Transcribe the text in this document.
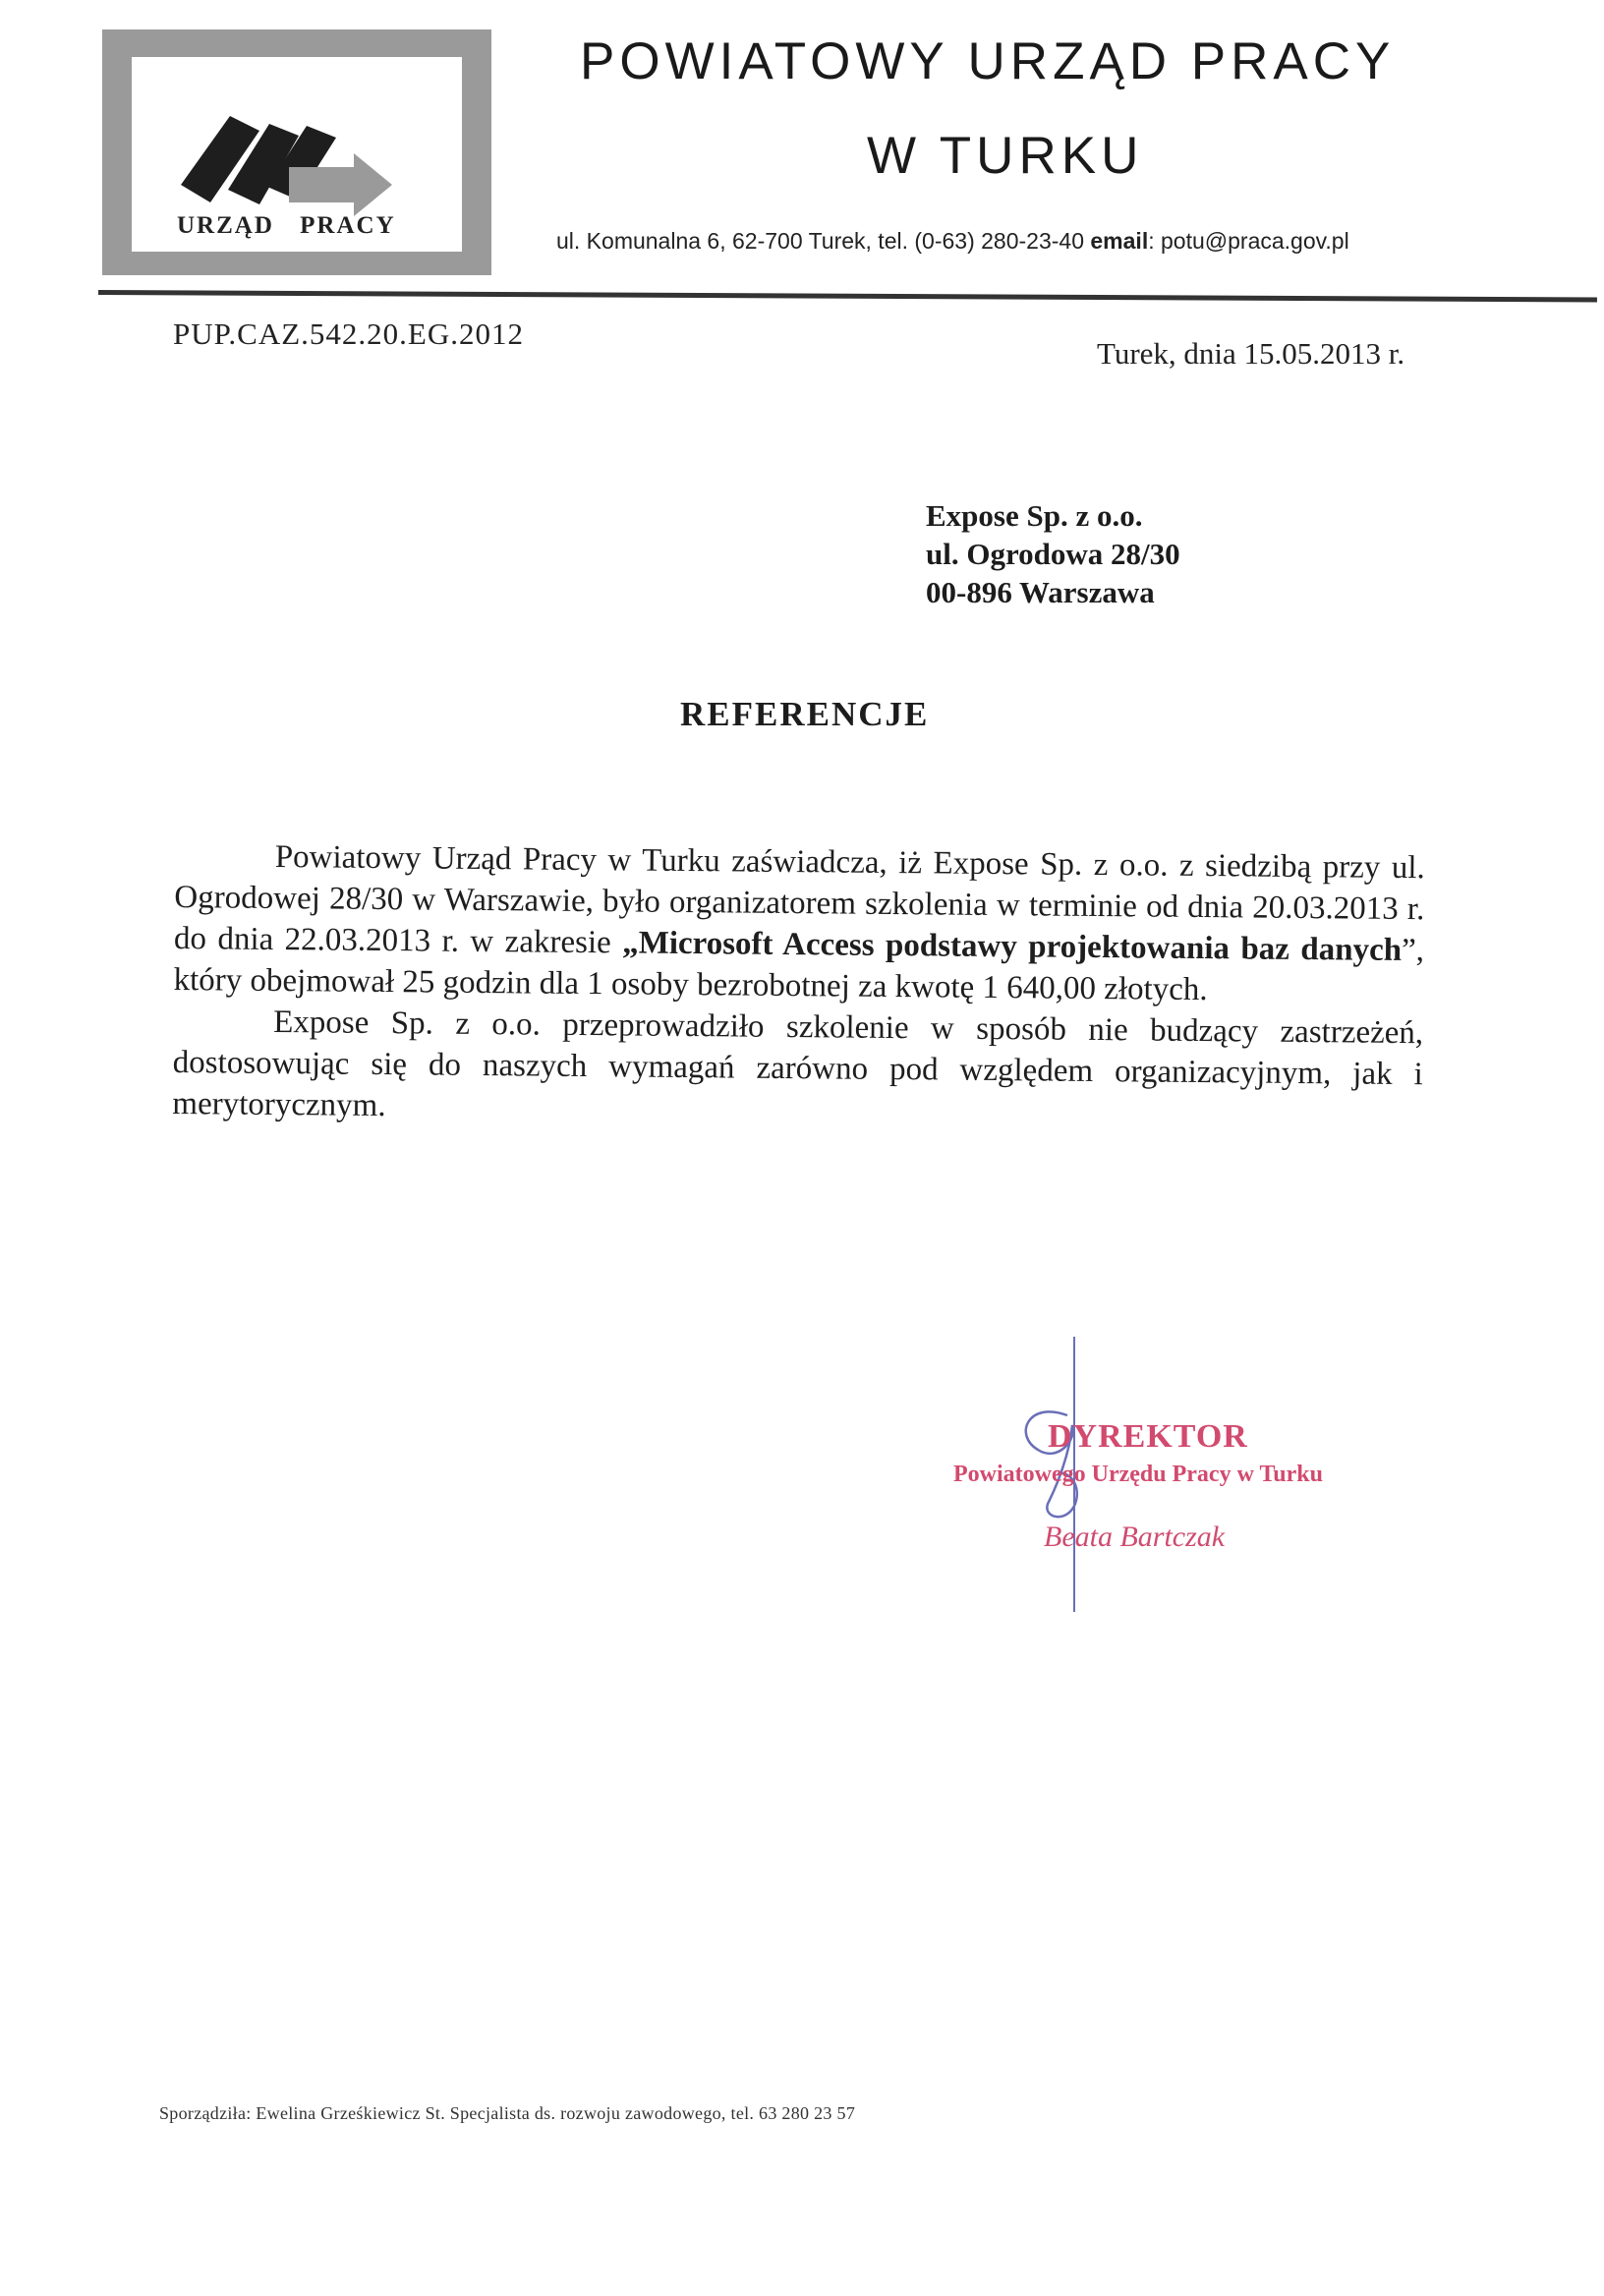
URZĄD PRACY
POWIATOWY URZĄD PRACY
W TURKU
ul. Komunalna 6, 62-700 Turek, tel. (0-63) 280-23-40 email: potu@praca.gov.pl
PUP.CAZ.542.20.EG.2012
Turek, dnia 15.05.2013 r.
Expose Sp. z o.o.
ul. Ogrodowa 28/30
00-896 Warszawa
REFERENCJE

Powiatowy Urząd Pracy w Turku zaświadcza, iż Expose Sp. z o.o. z siedzibą przy ul. Ogrodowej 28/30 w Warszawie, było organizatorem szkolenia w terminie od dnia 20.03.2013 r. do dnia 22.03.2013 r. w zakresie „Microsoft Access podstawy projektowania baz danych”, który obejmował 25 godzin dla 1 osoby bezrobotnej za kwotę 1 640,00 złotych.

Expose Sp. z o.o. przeprowadziło szkolenie w sposób nie budzący zastrzeżeń, dostosowując się do naszych wymagań zarówno pod względem organizacyjnym, jak i merytorycznym.

DYREKTOR
Powiatowego Urzędu Pracy w Turku
Beata Bartczak
Sporządziła: Ewelina Grześkiewicz St. Specjalista ds. rozwoju zawodowego, tel. 63 280 23 57
